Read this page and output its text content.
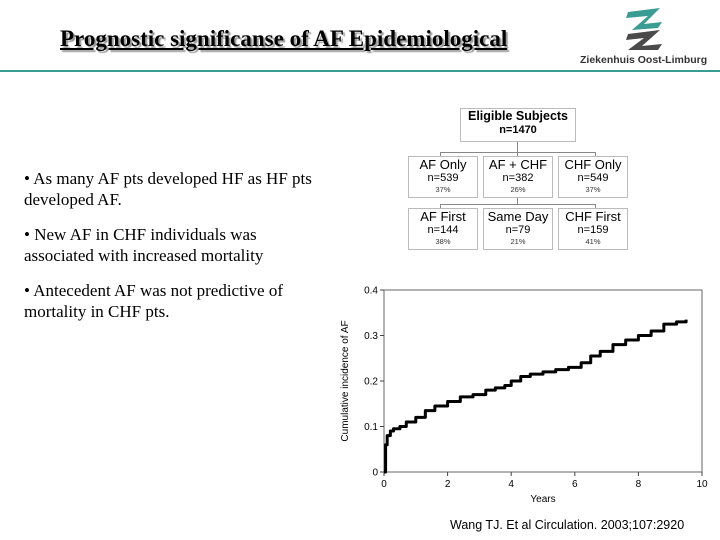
Prognostic significanse of AF Epidemiological
Ziekenhuis Oost-Limburg
• As many AF pts developed HF as HF pts developed AF.
• New AF in CHF individuals was associated with increased mortality
• Antecedent AF was not predictive of mortality in CHF pts.
Eligible Subjects
n=1470
AF Only
n=539
37%
AF + CHF
n=382
26%
CHF Only
n=549
37%
AF First
n=144
38%
Same Day
n=79
21%
CHF First
n=159
41%
0	2	4	6	8	10
0
0.1
0.2
0.3
0.4
Years
Cumulative incidence of AF
Wang TJ. Et al Circulation. 2003;107:2920
